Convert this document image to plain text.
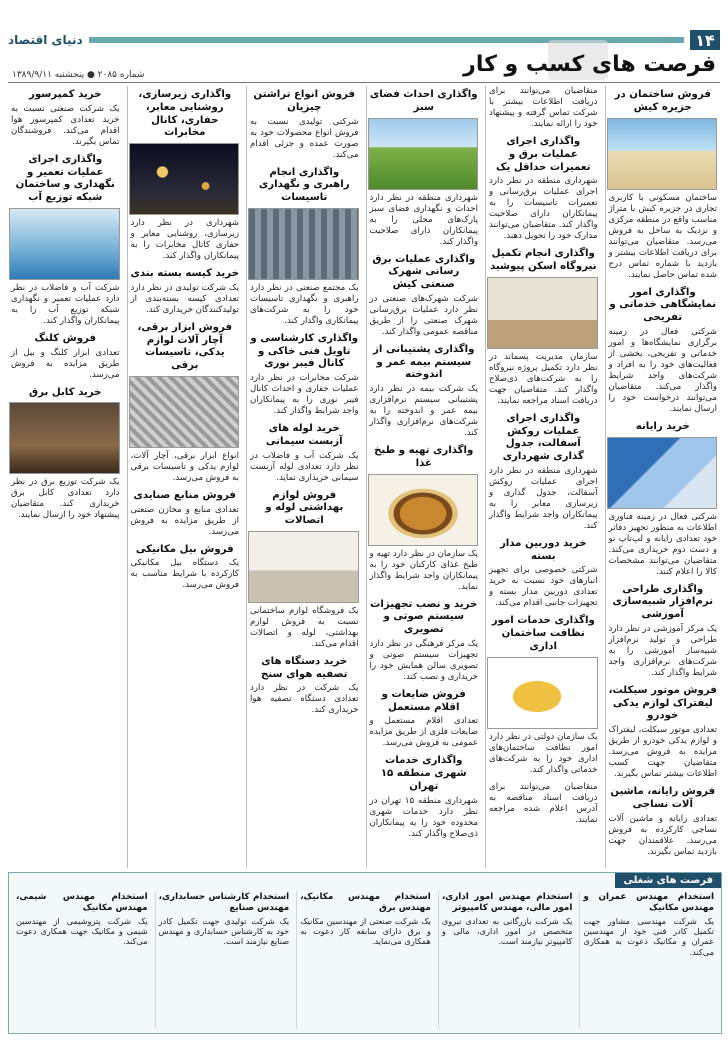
۱۴
دنیای اقتصاد
فرصت های کسب و کار
شماره ۲۰۸۵ ● پنجشنبه ۱۳۸۹/۹/۱۱
فروش ساختمان در جزیره کیش
ساختمان مسکونی با کاربری تجاری در جزیره کیش با متراژ مناسب واقع در منطقه مرکزی و نزدیک به ساحل به فروش می‌رسد. متقاضیان می‌توانند برای دریافت اطلاعات بیشتر و بازدید با شماره تماس درج شده تماس حاصل نمایند.
واگذاری امور نمایشگاهی خدماتی و تفریحی
شرکتی فعال در زمینه برگزاری نمایشگاه‌ها و امور خدماتی و تفریحی، بخشی از فعالیت‌های خود را به افراد و شرکت‌های واجد شرایط واگذار می‌کند. متقاضیان می‌توانند درخواست خود را ارسال نمایند.
خرید رایانه
شرکتی فعال در زمینه فناوری اطلاعات به منظور تجهیز دفاتر خود تعدادی رایانه و لپ‌تاپ نو و دست دوم خریداری می‌کند. متقاضیان می‌توانند مشخصات کالا را اعلام کنند.
واگذاری طراحی نرم‌افزار شبیه‌سازی آموزشی
یک مرکز آموزشی در نظر دارد طراحی و تولید نرم‌افزار شبیه‌ساز آموزشی را به شرکت‌های نرم‌افزاری واجد شرایط واگذار کند.
فروش موتور سیکلت، لیفتراک لوازم یدکی خودرو
تعدادی موتور سیکلت، لیفتراک و لوازم یدکی خودرو از طریق مزایده به فروش می‌رسد. متقاضیان جهت کسب اطلاعات بیشتر تماس بگیرند.
فروش رایانه، ماشین آلات نساجی
تعدادی رایانه و ماشین آلات نساجی کارکرده به فروش می‌رسد. علاقمندان جهت بازدید تماس بگیرند.
متقاضیان می‌توانند برای دریافت اطلاعات بیشتر با شرکت تماس گرفته و پیشنهاد خود را ارائه نمایند.
واگذاری اجرای عملیات برق و تعمیرات حداقل یک
شهرداری منطقه در نظر دارد اجرای عملیات برق‌رسانی و تعمیرات تاسیسات را به پیمانکاران دارای صلاحیت واگذار کند. متقاضیان می‌توانند مدارک خود را تحویل دهند.
واگذاری انجام تکمیل نیروگاه اسکن پیوشید
سازمان مدیریت پسماند در نظر دارد تکمیل پروژه نیروگاه را به شرکت‌های ذی‌صلاح واگذار کند. متقاضیان جهت دریافت اسناد مراجعه نمایند.
واگذاری اجرای عملیات روکش آسفالت، جدول گذاری شهرداری
شهرداری منطقه در نظر دارد اجرای عملیات روکش آسفالت، جدول گذاری و زیرسازی معابر را به پیمانکاران واجد شرایط واگذار کند.
خرید دوربین مدار بسته
شرکتی خصوصی برای تجهیز انبارهای خود نسبت به خرید تعدادی دوربین مدار بسته و تجهیزات جانبی اقدام می‌کند.
واگذاری خدمات امور نظافت ساختمان اداری
یک سازمان دولتی در نظر دارد امور نظافت ساختمان‌های اداری خود را به شرکت‌های خدماتی واگذار کند.
متقاضیان می‌توانند برای دریافت اسناد مناقصه به آدرس اعلام شده مراجعه نمایند.
واگذاری احداث فضای سبز
شهرداری منطقه در نظر دارد احداث و نگهداری فضای سبز پارک‌های محلی را به پیمانکاران دارای صلاحیت واگذار کند.
واگذاری عملیات برق رسانی شهرک صنعتی کیش
شرکت شهرک‌های صنعتی در نظر دارد عملیات برق‌رسانی شهرک صنعتی را از طریق مناقصه عمومی واگذار کند.
واگذاری پشتیبانی از سیستم بیمه عمر و اندوخته
یک شرکت بیمه در نظر دارد پشتیبانی سیستم نرم‌افزاری بیمه عمر و اندوخته را به شرکت‌های نرم‌افزاری واگذار کند.
واگذاری تهیه و طبخ غذا
یک سازمان در نظر دارد تهیه و طبخ غذای کارکنان خود را به پیمانکاران واجد شرایط واگذار نماید.
خرید و نصب تجهیزات سیستم صوتی و تصویری
یک مرکز فرهنگی در نظر دارد تجهیزات سیستم صوتی و تصویری سالن همایش خود را خریداری و نصب کند.
فروش ضایعات و اقلام مستعمل
تعدادی اقلام مستعمل و ضایعات فلزی از طریق مزایده عمومی به فروش می‌رسد.
واگذاری خدمات شهری منطقه ۱۵ تهران
شهرداری منطقه ۱۵ تهران در نظر دارد خدمات شهری محدوده خود را به پیمانکاران ذی‌صلاح واگذار کند.
فروش انواع تراشتن چیزیان
شرکتی تولیدی نسبت به فروش انواع محصولات خود به صورت عمده و جزئی اقدام می‌کند.
واگذاری انجام راهبری و نگهداری تاسیسات
یک مجتمع صنعتی در نظر دارد راهبری و نگهداری تاسیسات خود را به شرکت‌های پیمانکاری واگذار کند.
واگذاری کارشناسی و تاویل فنی خاکی و کانال فیبر نوری
شرکت مخابرات در نظر دارد عملیات حفاری و احداث کانال فیبر نوری را به پیمانکاران واجد شرایط واگذار کند.
خرید لوله های آزبست سیمانی
یک شرکت آب و فاضلاب در نظر دارد تعدادی لوله آزبست سیمانی خریداری نماید.
فروش لوازم بهداشتی لوله و اتصالات
یک فروشگاه لوازم ساختمانی نسبت به فروش لوازم بهداشتی، لوله و اتصالات اقدام می‌کند.
خرید دستگاه های تصفیه هوای سنج
یک شرکت در نظر دارد تعدادی دستگاه تصفیه هوا خریداری کند.
واگذاری زیرسازی، روشنایی معابر، حفاری، کانال مخابرات
شهرداری در نظر دارد زیرسازی، روشنایی معابر و حفاری کانال مخابرات را به پیمانکاران واگذار کند.
خرید کیسه بسته بندی
یک شرکت تولیدی در نظر دارد تعدادی کیسه بسته‌بندی از تولیدکنندگان خریداری کند.
فروش ابزار برقی، آچار آلات لوازم یدکی، تاسیسات برقی
انواع ابزار برقی، آچار آلات، لوازم یدکی و تاسیسات برقی به فروش می‌رسد.
فروش منابع صنایدی
تعدادی منابع و مخازن صنعتی از طریق مزایده به فروش می‌رسد.
فروش بیل مکانیکی
یک دستگاه بیل مکانیکی کارکرده با شرایط مناسب به فروش می‌رسد.
خرید کمپرسور
یک شرکت صنعتی نسبت به خرید تعدادی کمپرسور هوا اقدام می‌کند. فروشندگان تماس بگیرند.
واگذاری اجرای عملیات تعمیر و نگهداری و ساختمان شبکه توزیع آب
شرکت آب و فاضلاب در نظر دارد عملیات تعمیر و نگهداری شبکه توزیع آب را به پیمانکاران واگذار کند.
فروش کلنگ
تعدادی ابزار کلنگ و بیل از طریق مزایده به فروش می‌رسد.
خرید کابل برق
یک شرکت توزیع برق در نظر دارد تعدادی کابل برق خریداری کند. متقاضیان پیشنهاد خود را ارسال نمایند.
فرصت های شغلی
استخدام مهندس عمران و مهندس مکانیک
یک شرکت مهندسی مشاور جهت تکمیل کادر فنی خود از مهندسین عمران و مکانیک دعوت به همکاری می‌کند.
استخدام مهندس امور اداری، امور مالی، مهندس کامپیوتر
یک شرکت بازرگانی به تعدادی نیروی متخصص در امور اداری، مالی و کامپیوتر نیازمند است.
استخدام مهندس مکانیک، مهندس برق
یک شرکت صنعتی از مهندسین مکانیک و برق دارای سابقه کار دعوت به همکاری می‌نماید.
استخدام کارشناس حسابداری، مهندس صنایع
یک شرکت تولیدی جهت تکمیل کادر خود به کارشناس حسابداری و مهندس صنایع نیازمند است.
استخدام مهندس شیمی، مهندس مکانیک
یک شرکت پتروشیمی از مهندسین شیمی و مکانیک جهت همکاری دعوت می‌کند.
